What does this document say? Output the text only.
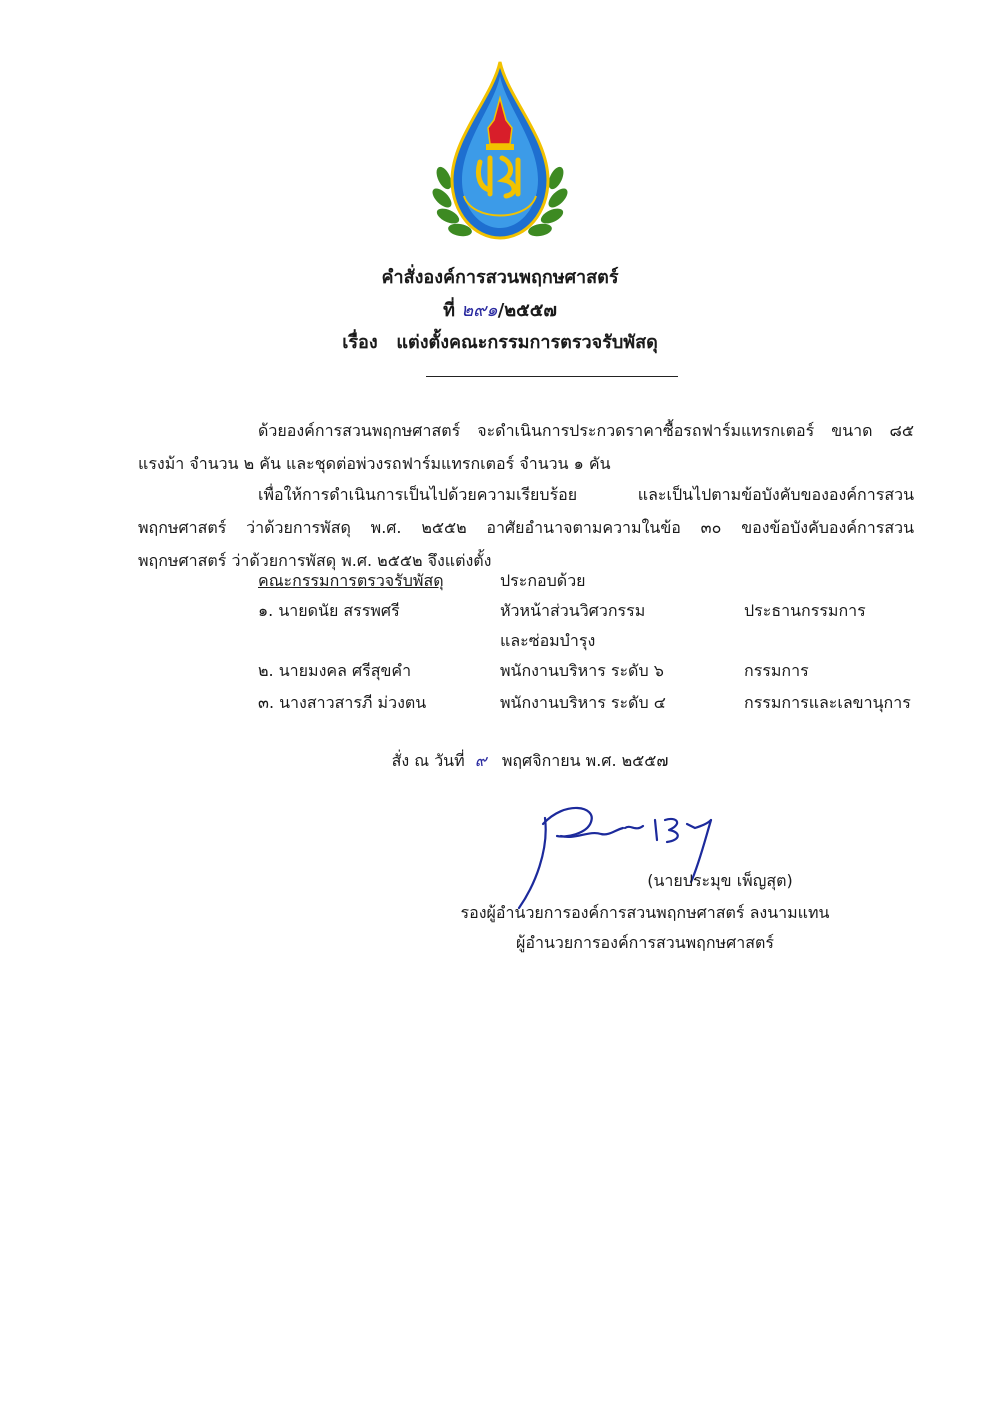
คำสั่งองค์การสวนพฤกษศาสตร์
ที่ ๒๙๑/๒๕๕๗
เรื่อง แต่งตั้งคณะกรรมการตรวจรับพัสดุ

ด้วยองค์การสวนพฤกษศาสตร์ จะดำเนินการประกวดราคาซื้อรถฟาร์มแทรกเตอร์ ขนาด ๘๕ แรงม้า จำนวน ๒ คัน และชุดต่อพ่วงรถฟาร์มแทรกเตอร์ จำนวน ๑ คัน

เพื่อให้การดำเนินการเป็นไปด้วยความเรียบร้อย และเป็นไปตามข้อบังคับขององค์การสวนพฤกษศาสตร์ ว่าด้วยการพัสดุ พ.ศ. ๒๕๕๒ อาศัยอำนาจตามความในข้อ ๓๐ ของข้อบังคับองค์การสวนพฤกษศาสตร์ ว่าด้วยการพัสดุ พ.ศ. ๒๕๕๒ จึงแต่งตั้ง

คณะกรรมการตรวจรับพัสดุ	ประกอบด้วย
๑. นายดนัย สรรพศรี	หัวหน้าส่วนวิศวกรรม	ประธานกรรมการ
และซ่อมบำรุง
๒. นายมงคล ศรีสุขคำ	พนักงานบริหาร ระดับ ๖	กรรมการ
๓. นางสาวสารภี ม่วงตน	พนักงานบริหาร ระดับ ๔	กรรมการและเลขานุการ
สั่ง ณ วันที่ ๙ พฤศจิกายน พ.ศ. ๒๕๕๗
(นายประมุข เพ็ญสุต)
รองผู้อำนวยการองค์การสวนพฤกษศาสตร์ ลงนามแทน
ผู้อำนวยการองค์การสวนพฤกษศาสตร์
